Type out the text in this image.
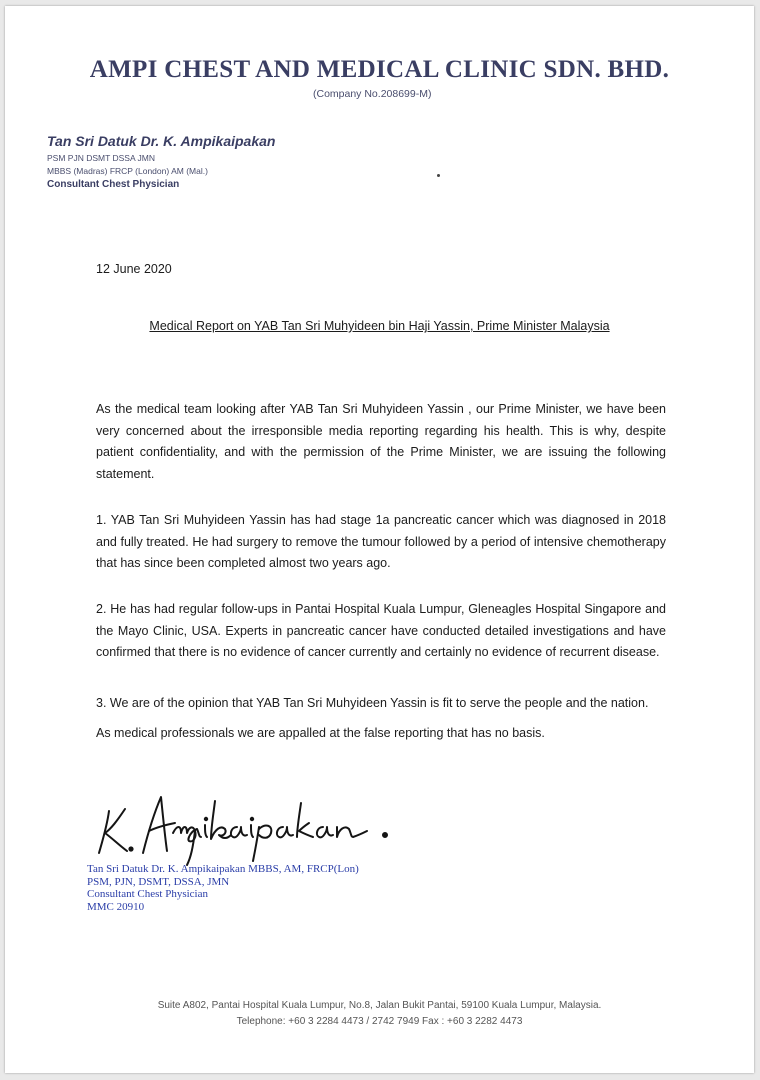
AMPI CHEST AND MEDICAL CLINIC SDN. BHD.
(Company No.208699-M)
Tan Sri Datuk Dr. K. Ampikaipakan
PSM PJN DSMT DSSA JMN
MBBS (Madras) FRCP (London) AM (Mal.)
Consultant Chest Physician
12 June 2020
Medical Report on YAB Tan Sri Muhyideen bin Haji Yassin, Prime Minister Malaysia
As the medical team looking after YAB Tan Sri Muhyideen Yassin , our Prime Minister, we have been very concerned about the irresponsible media reporting regarding his health. This is why, despite patient confidentiality, and with the permission of the Prime Minister, we are issuing the following statement.
1. YAB Tan Sri Muhyideen Yassin has had stage 1a pancreatic cancer which was diagnosed in 2018 and fully treated. He had surgery to remove the tumour followed by a period of intensive chemotherapy that has since been completed almost two years ago.
2. He has had regular follow-ups in Pantai Hospital Kuala Lumpur, Gleneagles Hospital Singapore and the Mayo Clinic, USA. Experts in pancreatic cancer have conducted detailed investigations and have confirmed that there is no evidence of cancer currently and certainly no evidence of recurrent disease.
3. We are of the opinion that YAB Tan Sri Muhyideen Yassin is fit to serve the people and the nation.
As medical professionals we are appalled at the false reporting that has no basis.
Tan Sri Datuk Dr. K. Ampikaipakan MBBS, AM, FRCP(Lon)
PSM, PJN, DSMT, DSSA, JMN
Consultant Chest Physician
MMC 20910
Suite A802, Pantai Hospital Kuala Lumpur, No.8, Jalan Bukit Pantai, 59100 Kuala Lumpur, Malaysia.
Telephone: +60 3 2284 4473 / 2742 7949 Fax : +60 3 2282 4473
